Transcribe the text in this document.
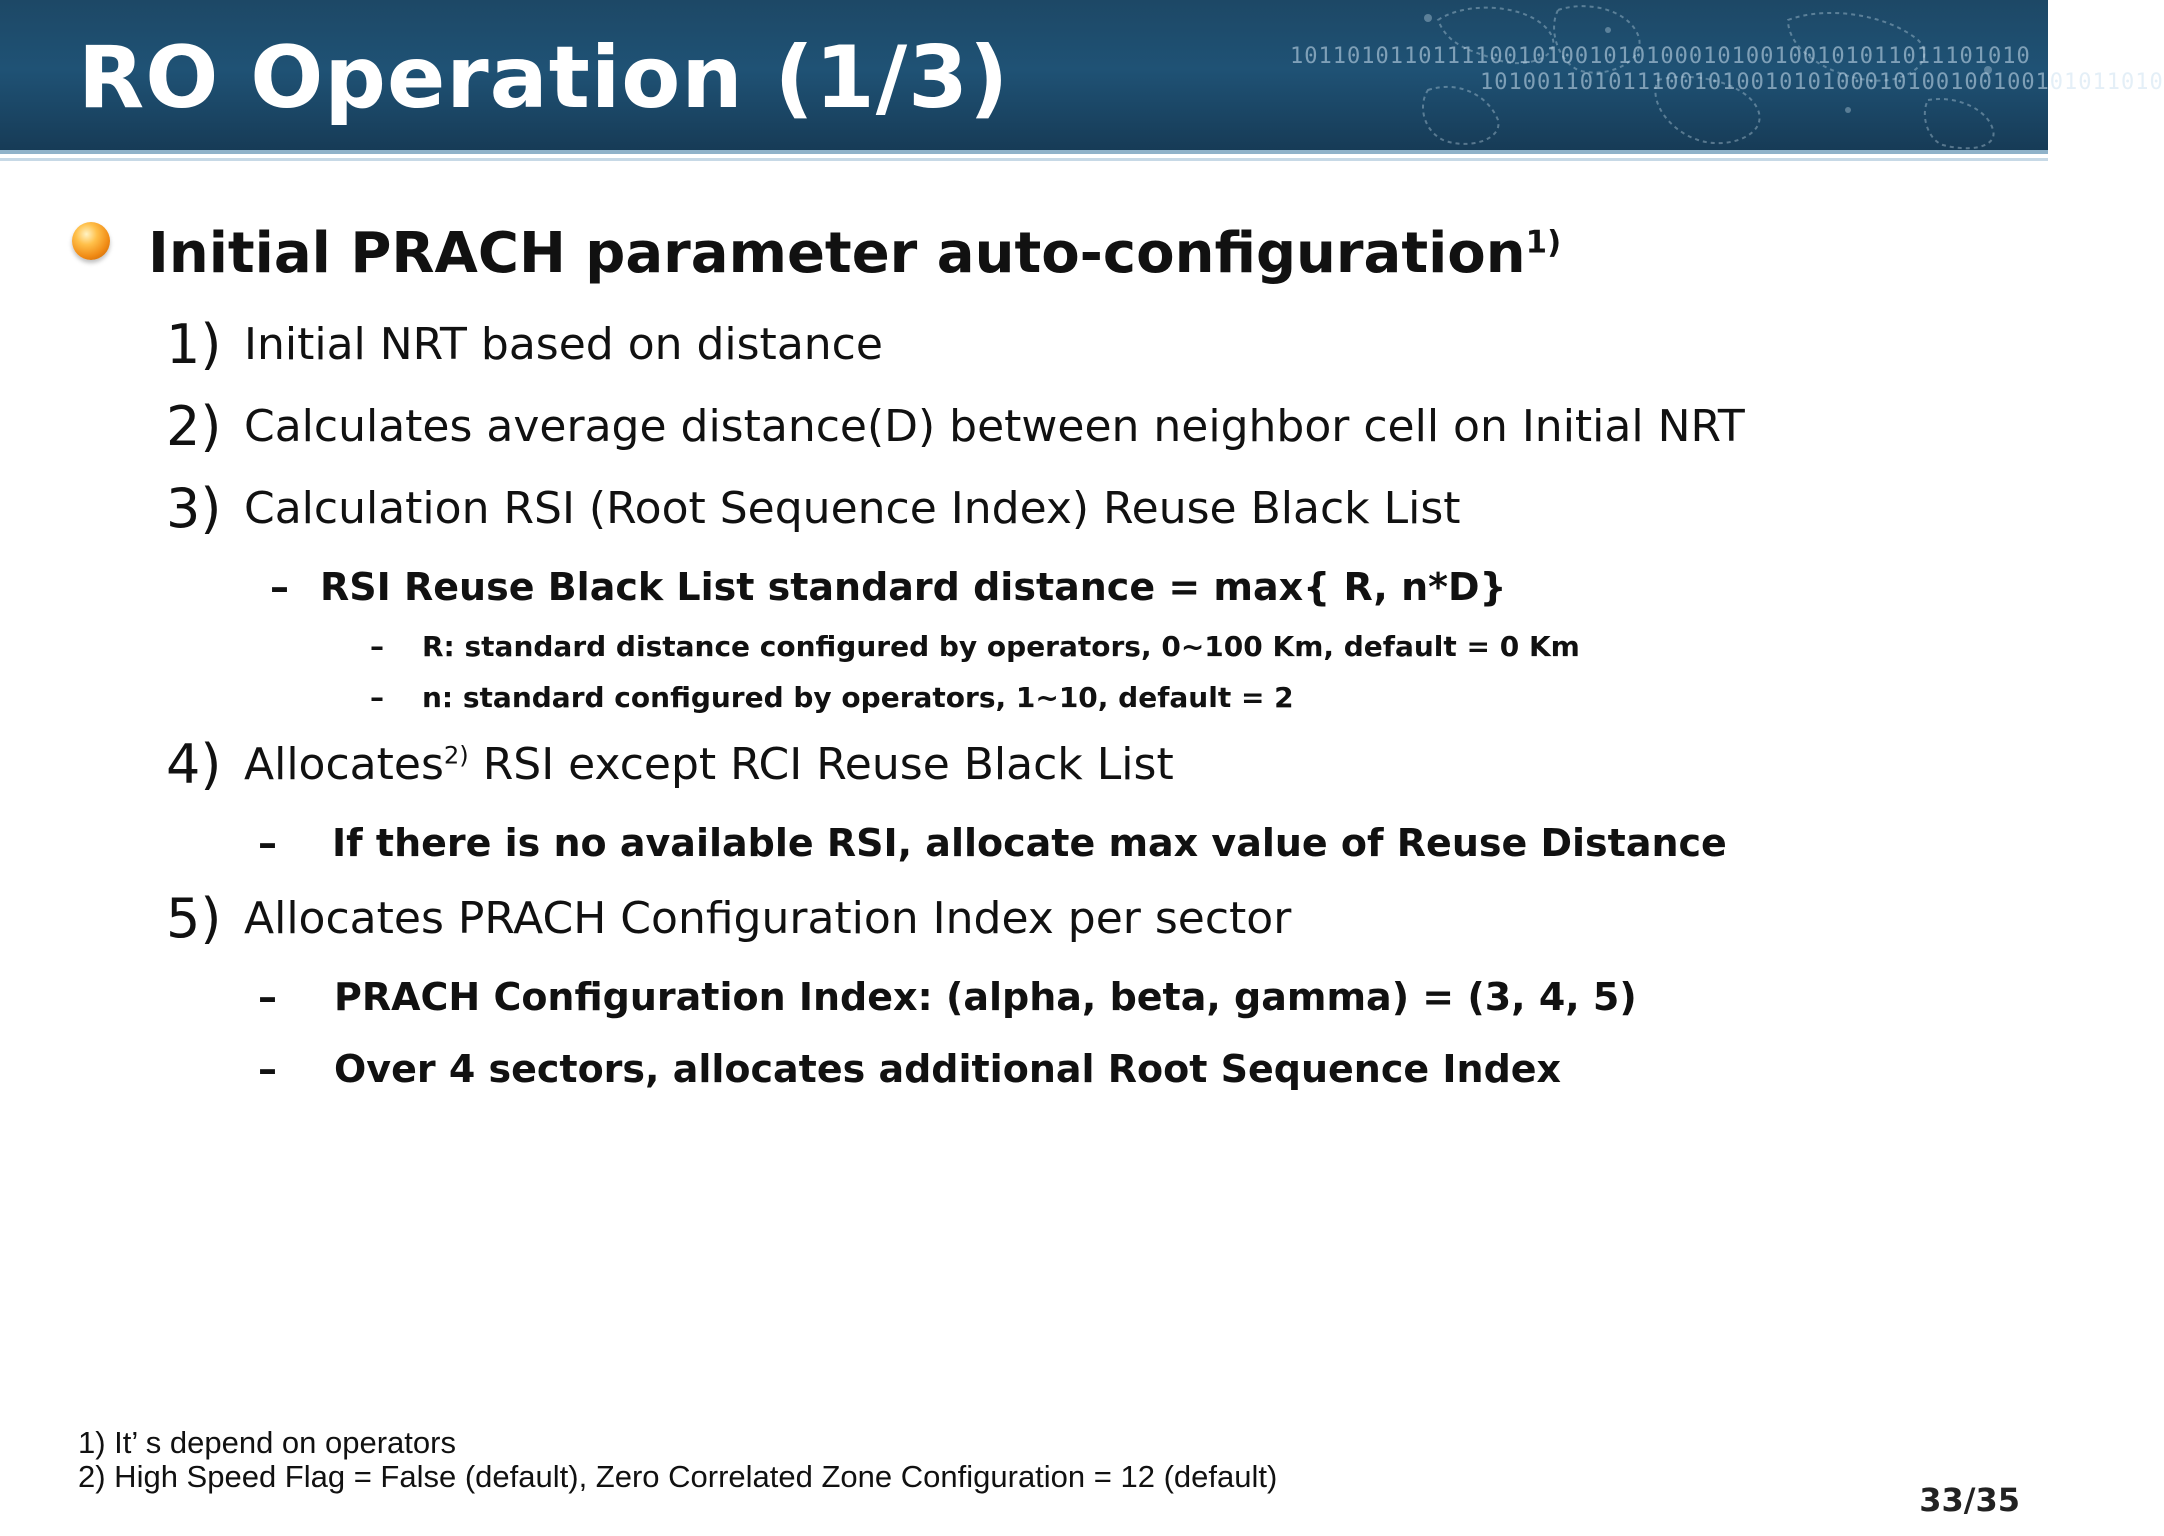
1011010110111100101001010100010100100101011011101010
101001101011100101001010100010100100100101011010
RO Operation (1/3)
Initial PRACH parameter auto-configuration$^{1)}$
1) Initial NRT based on distance
2) Calculates average distance(D) between neighbor cell on Initial NRT
3) Calculation RSI (Root Sequence Index) Reuse Black List
– RSI Reuse Black List standard distance = max{ R, n*D}
– R: standard distance configured by operators, 0~100 Km, default = 0 Km
– n: standard configured by operators, 1~10, default = 2
4) Allocates$^{2)}$ RSI except RCI Reuse Black List
– If there is no available RSI, allocate max value of Reuse Distance
5) Allocates PRACH Configuration Index per sector
– PRACH Configuration Index: (alpha, beta, gamma) = (3, 4, 5)
– Over 4 sectors, allocates additional Root Sequence Index
1) It’ s depend on operators
2) High Speed Flag = False (default), Zero Correlated Zone Configuration = 12 (default)
33/35
